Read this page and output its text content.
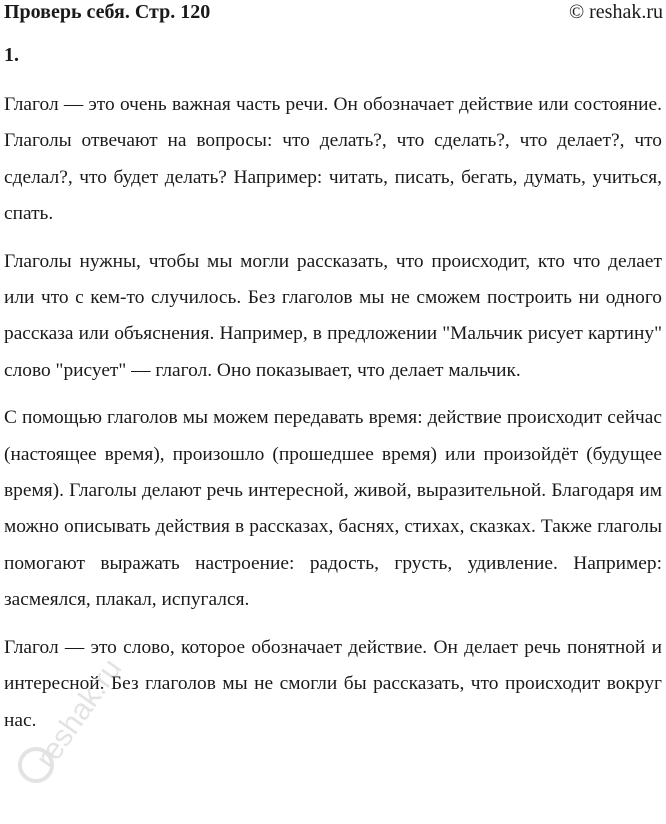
Проверь себя. Стр. 120	© reshak.ru
1.

Глагол — это очень важная часть речи. Он обозначает действие или состояние. Глаголы отвечают на вопросы: что делать?, что сделать?, что делает?, что сделал?, что будет делать? Например: читать, писать, бегать, думать, учиться, спать.

Глаголы нужны, чтобы мы могли рассказать, что происходит, кто что делает или что с кем-то случилось. Без глаголов мы не сможем построить ни одного рассказа или объяснения. Например, в предложении "Мальчик рисует картину" слово "рисует" — глагол. Оно показывает, что делает мальчик.

С помощью глаголов мы можем передавать время: действие происходит сейчас (настоящее время), произошло (прошедшее время) или произойдёт (будущее время). Глаголы делают речь интересной, живой, выразительной. Благодаря им можно описывать действия в рассказах, баснях, стихах, сказках. Также глаголы помогают выражать настроение: радость, грусть, удивление. Например: засмеялся, плакал, испугался.

Глагол — это слово, которое обозначает действие. Он делает речь понятной и интересной. Без глаголов мы не смогли бы рассказать, что происходит вокруг нас.

reshak.ru
